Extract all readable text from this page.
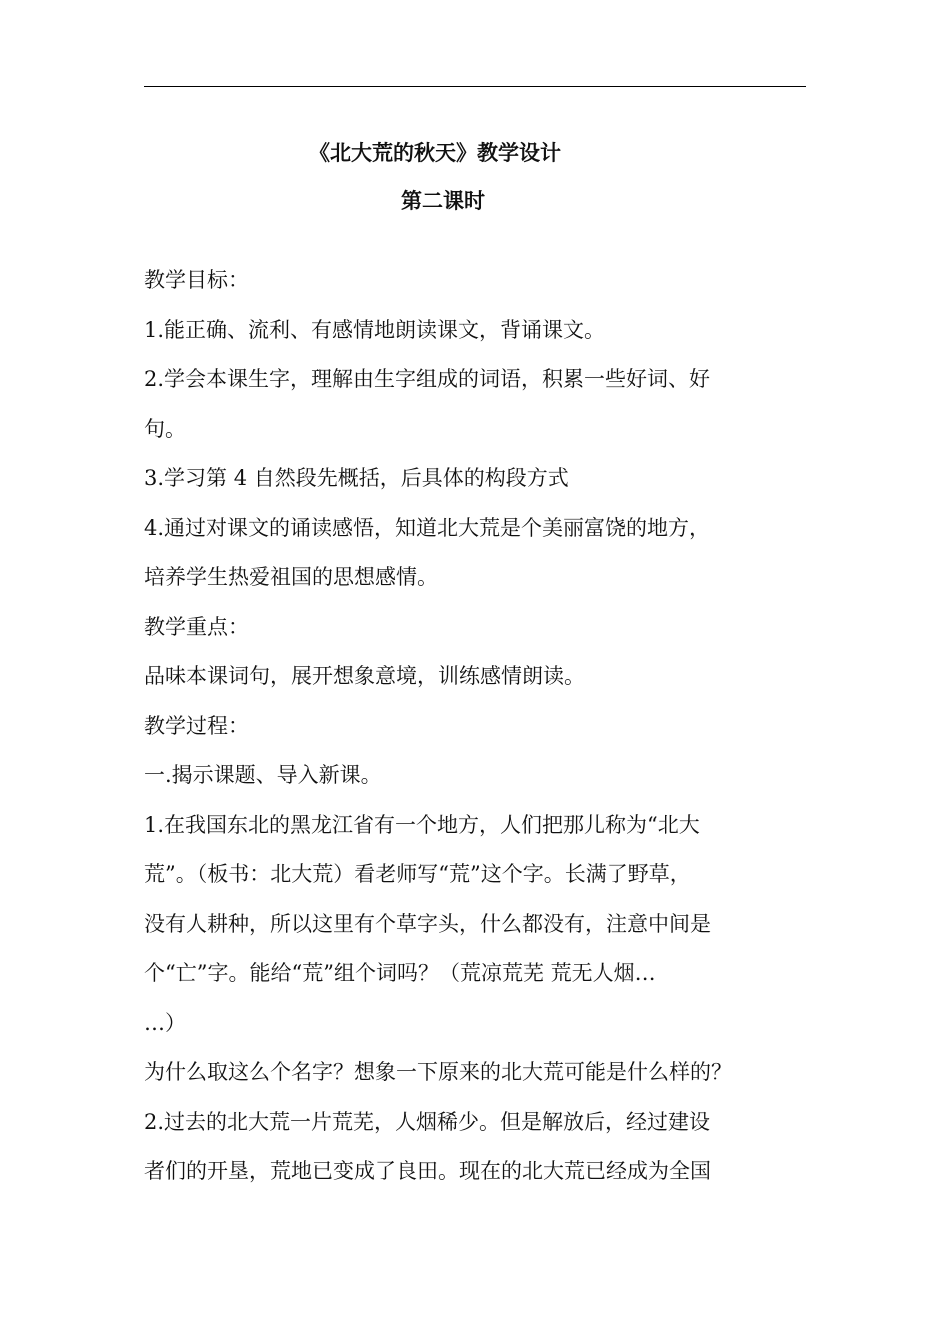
《北大荒的秋天》教学设计
第二课时
教学目标：
1.能正确、流利、有感情地朗读课文，背诵课文。
2.学会本课生字，理解由生字组成的词语，积累一些好词、好
句。
3.学习第 4 自然段先概括，后具体的构段方式
4.通过对课文的诵读感悟，知道北大荒是个美丽富饶的地方，
培养学生热爱祖国的思想感情。
教学重点：
品味本课词句，展开想象意境，训练感情朗读。
教学过程：
一.揭示课题、导入新课。
1.在我国东北的黑龙江省有一个地方，人们把那儿称为“北大
荒”。（板书：北大荒）看老师写“荒”这个字。长满了野草，
没有人耕种，所以这里有个草字头，什么都没有，注意中间是
个“亡”字。能给“荒”组个词吗？（荒凉荒芜 荒无人烟…
…）
为什么取这么个名字？想象一下原来的北大荒可能是什么样的？
2.过去的北大荒一片荒芜，人烟稀少。但是解放后，经过建设
者们的开垦，荒地已变成了良田。现在的北大荒已经成为全国
